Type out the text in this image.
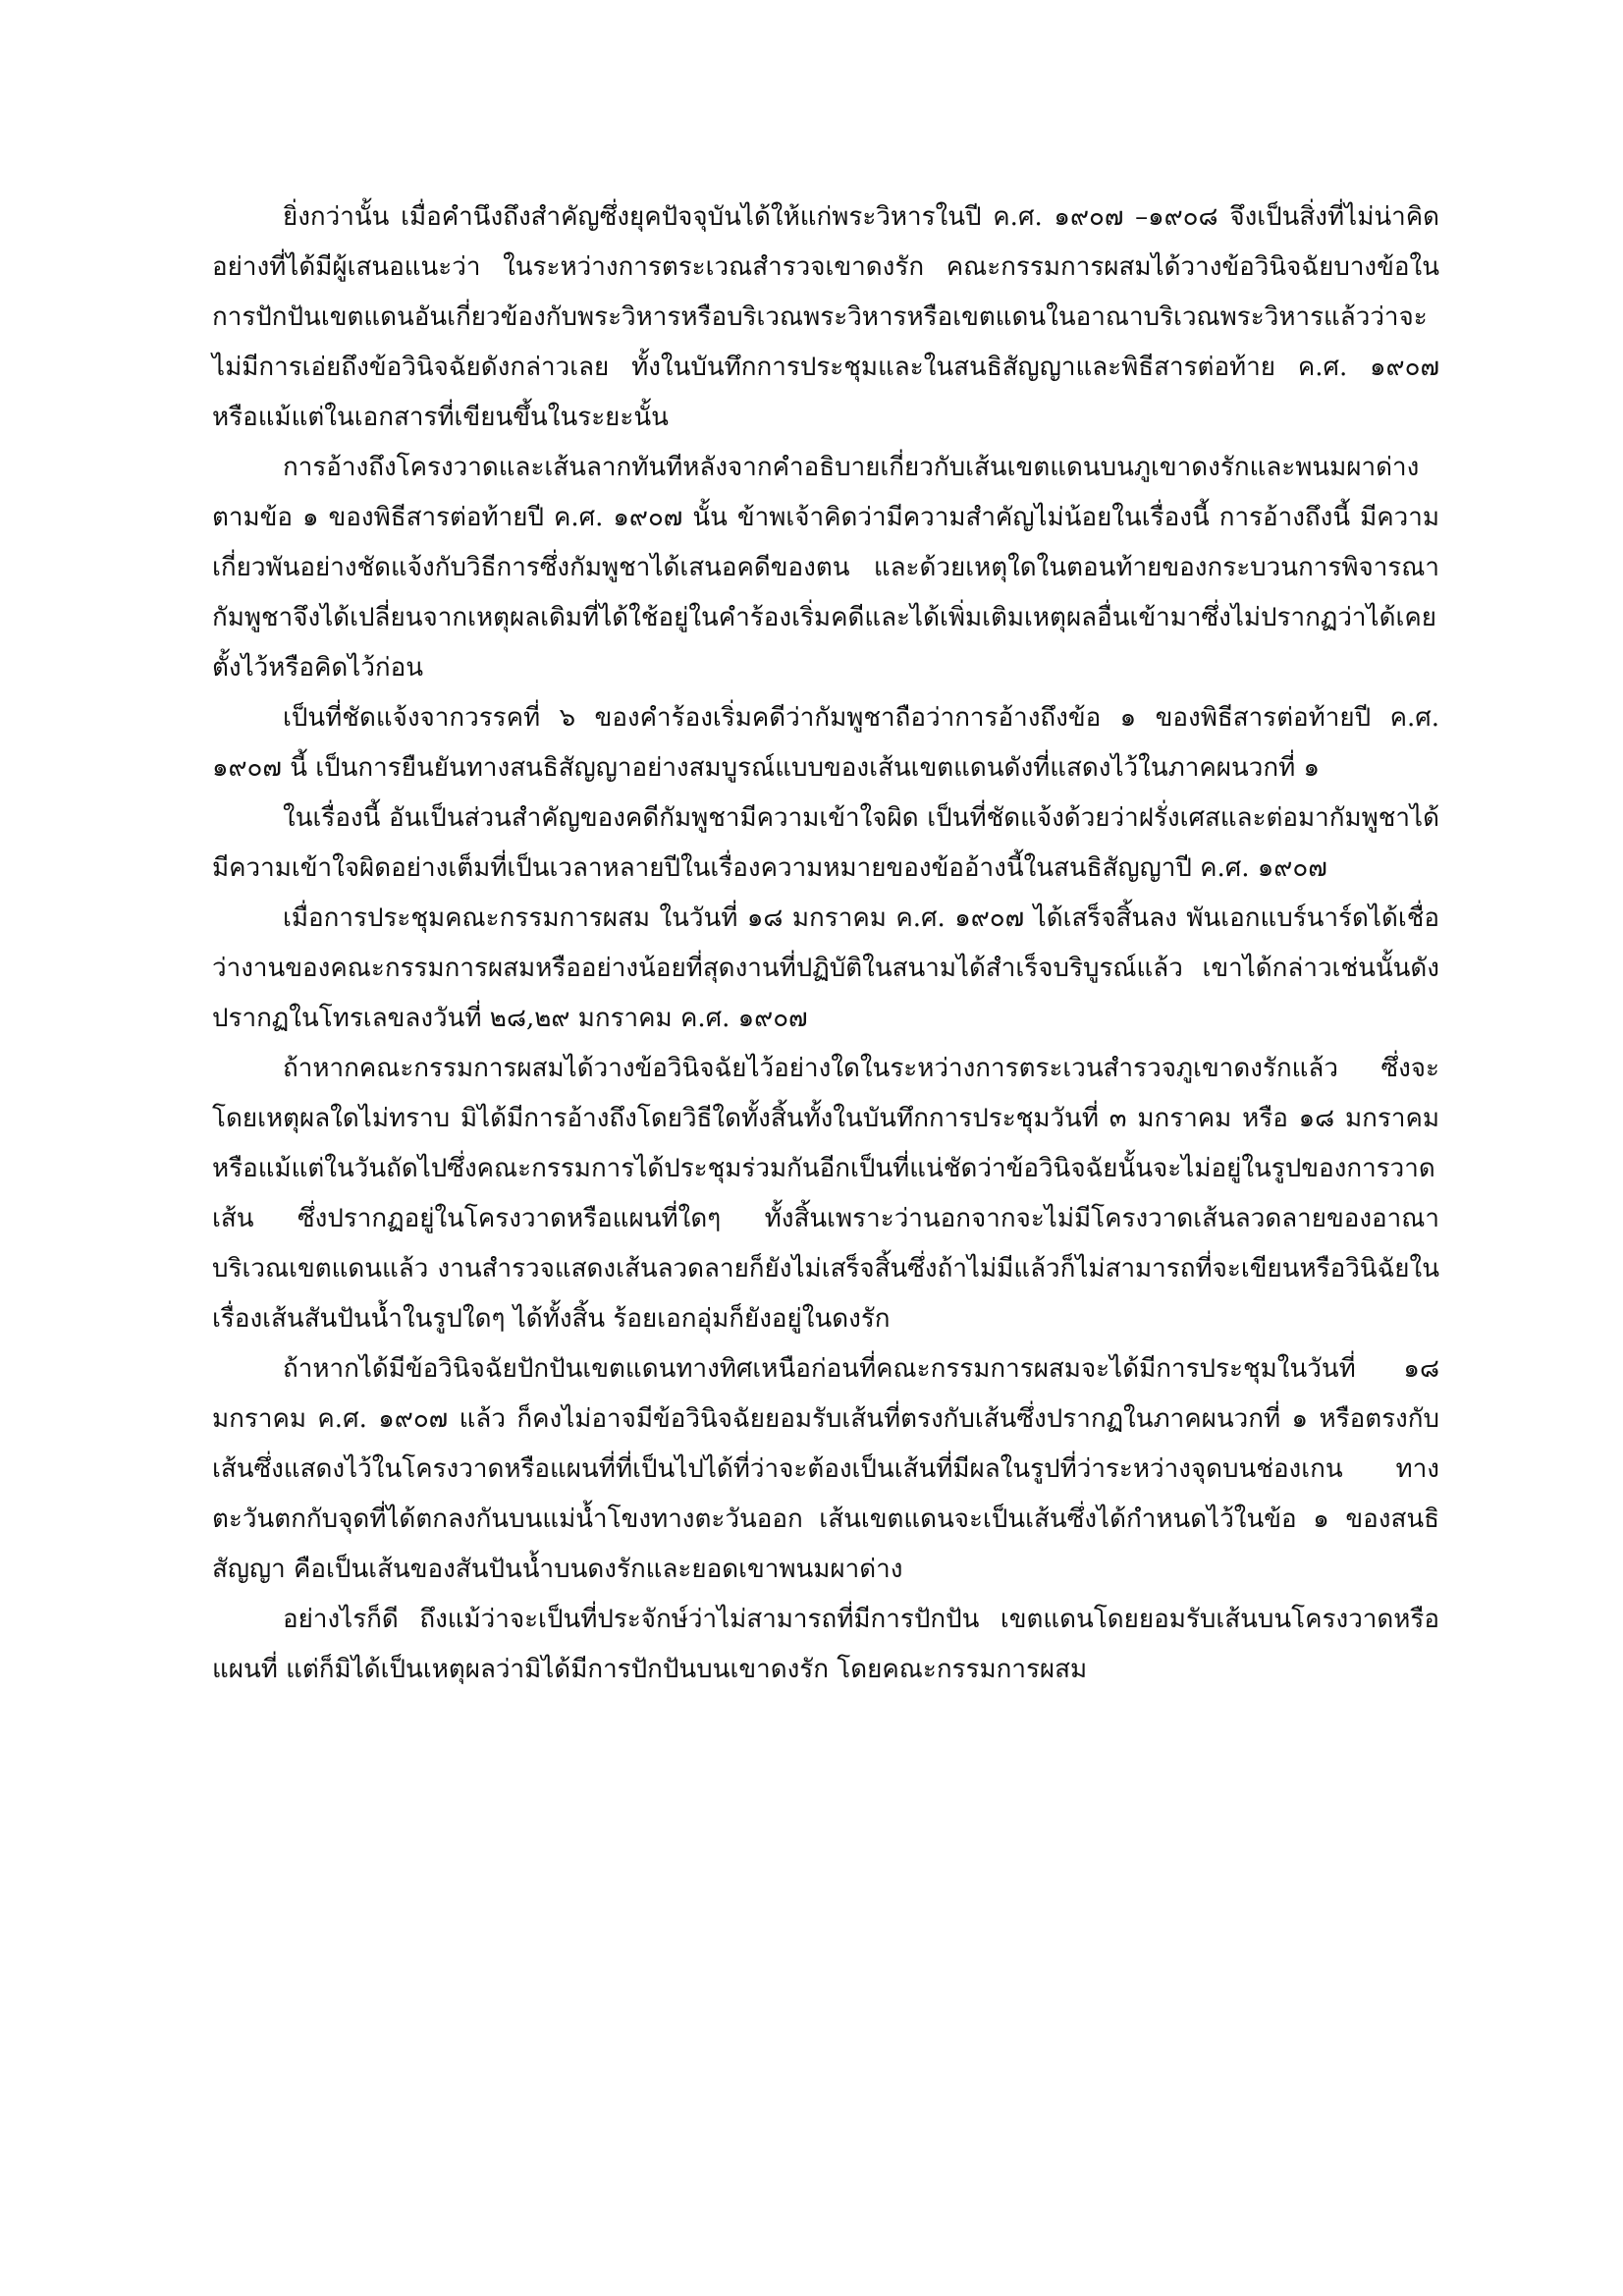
ยิ่งกว่านั้น เมื่อคำนึงถึงสำคัญซึ่งยุคปัจจุบันได้ให้แก่พระวิหารในปี ค.ศ. ๑๙๐๗ –๑๙๐๘ จึงเป็นสิ่งที่ไม่น่าคิดอย่างที่ได้มีผู้เสนอแนะว่า ในระหว่างการตระเวณสำรวจเขาดงรัก คณะกรรมการผสมได้วางข้อวินิจฉัยบางข้อในการปักปันเขตแดนอันเกี่ยวข้องกับพระวิหารหรือบริเวณพระวิหารหรือเขตแดนในอาณาบริเวณพระวิหารแล้วว่าจะไม่มีการเอ่ยถึงข้อวินิจฉัยดังกล่าวเลย ทั้งในบันทึกการประชุมและในสนธิสัญญาและพิธีสารต่อท้าย ค.ศ. ๑๙๐๗ หรือแม้แต่ในเอกสารที่เขียนขึ้นในระยะนั้น

การอ้างถึงโครงวาดและเส้นลากทันทีหลังจากคำอธิบายเกี่ยวกับเส้นเขตแดนบนภูเขาดงรักและพนมผาด่างตามข้อ ๑ ของพิธีสารต่อท้ายปี ค.ศ. ๑๙๐๗ นั้น ข้าพเจ้าคิดว่ามีความสำคัญไม่น้อยในเรื่องนี้ การอ้างถึงนี้ มีความเกี่ยวพันอย่างชัดแจ้งกับวิธีการซึ่งกัมพูชาได้เสนอคดีของตน และด้วยเหตุใดในตอนท้ายของกระบวนการพิจารณากัมพูชาจึงได้เปลี่ยนจากเหตุผลเดิมที่ได้ใช้อยู่ในคำร้องเริ่มคดีและได้เพิ่มเติมเหตุผลอื่นเข้ามาซึ่งไม่ปรากฏว่าได้เคยตั้งไว้หรือคิดไว้ก่อน

เป็นที่ชัดแจ้งจากวรรคที่ ๖ ของคำร้องเริ่มคดีว่ากัมพูชาถือว่าการอ้างถึงข้อ ๑ ของพิธีสารต่อท้ายปี ค.ศ. ๑๙๐๗ นี้ เป็นการยืนยันทางสนธิสัญญาอย่างสมบูรณ์แบบของเส้นเขตแดนดังที่แสดงไว้ในภาคผนวกที่ ๑

ในเรื่องนี้ อันเป็นส่วนสำคัญของคดีกัมพูชามีความเข้าใจผิด เป็นที่ชัดแจ้งด้วยว่าฝรั่งเศสและต่อมากัมพูชาได้มีความเข้าใจผิดอย่างเต็มที่เป็นเวลาหลายปีในเรื่องความหมายของข้ออ้างนี้ในสนธิสัญญาปี ค.ศ. ๑๙๐๗

เมื่อการประชุมคณะกรรมการผสม ในวันที่ ๑๘ มกราคม ค.ศ. ๑๙๐๗ ได้เสร็จสิ้นลง พันเอกแบร์นาร์ดได้เชื่อว่างานของคณะกรรมการผสมหรืออย่างน้อยที่สุดงานที่ปฏิบัติในสนามได้สำเร็จบริบูรณ์แล้ว เขาได้กล่าวเช่นนั้นดังปรากฏในโทรเลขลงวันที่ ๒๘,๒๙ มกราคม ค.ศ. ๑๙๐๗

ถ้าหากคณะกรรมการผสมได้วางข้อวินิจฉัยไว้อย่างใดในระหว่างการตระเวนสำรวจภูเขาดงรักแล้ว ซึ่งจะโดยเหตุผลใดไม่ทราบ มิได้มีการอ้างถึงโดยวิธีใดทั้งสิ้นทั้งในบันทึกการประชุมวันที่ ๓ มกราคม หรือ ๑๘ มกราคม หรือแม้แต่ในวันถัดไปซึ่งคณะกรรมการได้ประชุมร่วมกันอีกเป็นที่แน่ชัดว่าข้อวินิจฉัยนั้นจะไม่อยู่ในรูปของการวาดเส้น ซึ่งปรากฏอยู่ในโครงวาดหรือแผนที่ใดๆ ทั้งสิ้นเพราะว่านอกจากจะไม่มีโครงวาดเส้นลวดลายของอาณาบริเวณเขตแดนแล้ว งานสำรวจแสดงเส้นลวดลายก็ยังไม่เสร็จสิ้นซึ่งถ้าไม่มีแล้วก็ไม่สามารถที่จะเขียนหรือวินิฉัยในเรื่องเส้นสันปันน้ำในรูปใดๆ ได้ทั้งสิ้น ร้อยเอกอุ่มก็ยังอยู่ในดงรัก

ถ้าหากได้มีข้อวินิจฉัยปักปันเขตแดนทางทิศเหนือก่อนที่คณะกรรมการผสมจะได้มีการประชุมในวันที่ ๑๘ มกราคม ค.ศ. ๑๙๐๗ แล้ว ก็คงไม่อาจมีข้อวินิจฉัยยอมรับเส้นที่ตรงกับเส้นซึ่งปรากฏในภาคผนวกที่ ๑ หรือตรงกับเส้นซึ่งแสดงไว้ในโครงวาดหรือแผนที่ที่เป็นไปได้ที่ว่าจะต้องเป็นเส้นที่มีผลในรูปที่ว่าระหว่างจุดบนช่องเกน ทางตะวันตกกับจุดที่ได้ตกลงกันบนแม่น้ำโขงทางตะวันออก เส้นเขตแดนจะเป็นเส้นซึ่งได้กำหนดไว้ในข้อ ๑ ของสนธิสัญญา คือเป็นเส้นของสันปันน้ำบนดงรักและยอดเขาพนมผาด่าง

อย่างไรก็ดี ถึงแม้ว่าจะเป็นที่ประจักษ์ว่าไม่สามารถที่มีการปักปัน เขตแดนโดยยอมรับเส้นบนโครงวาดหรือแผนที่ แต่ก็มิได้เป็นเหตุผลว่ามิได้มีการปักปันบนเขาดงรัก โดยคณะกรรมการผสม
